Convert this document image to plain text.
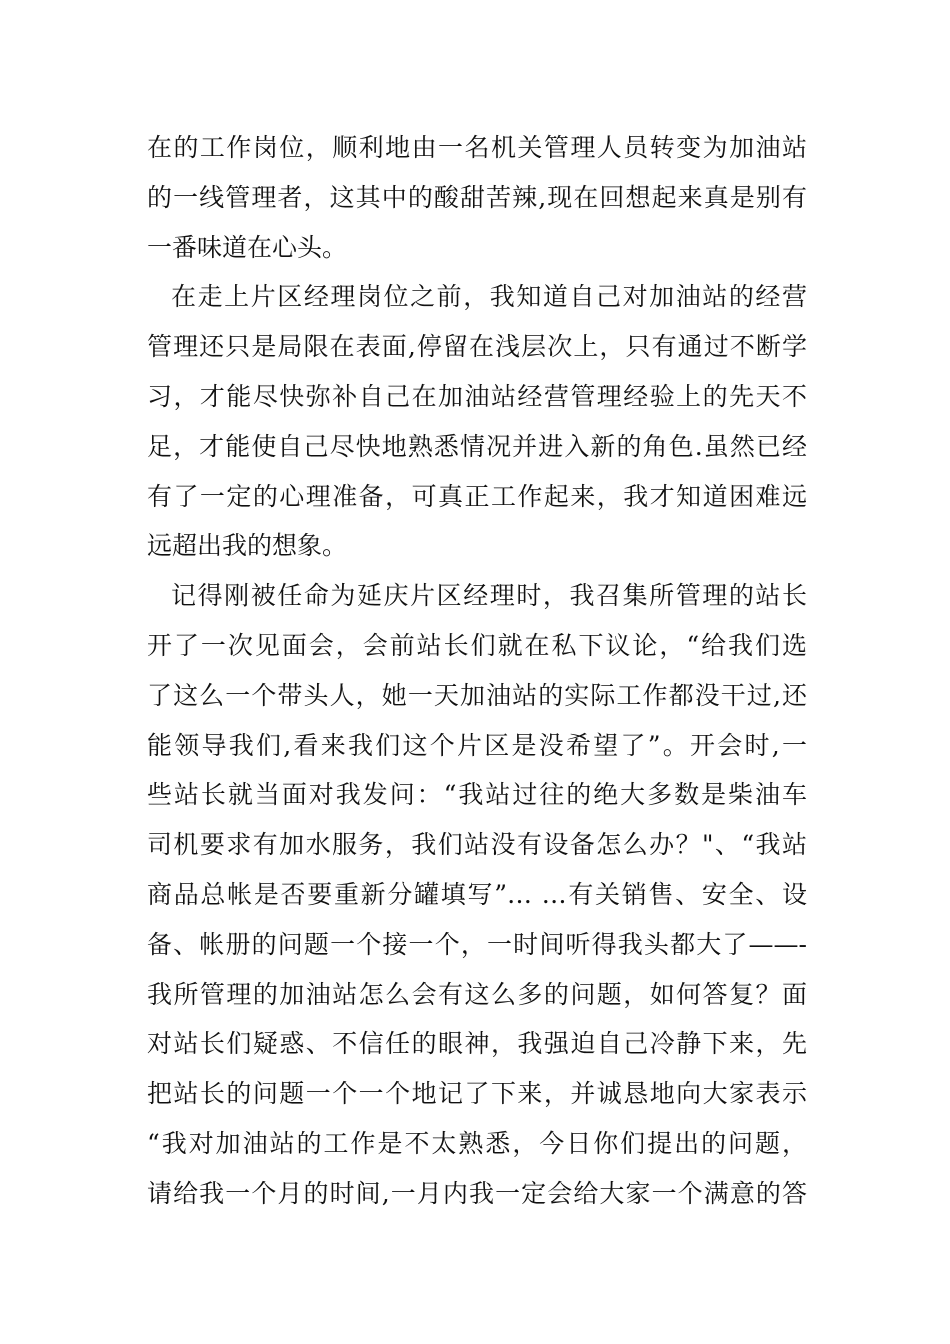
在的工作岗位，顺利地由一名机关管理人员转变为加油站
的一线管理者，这其中的酸甜苦辣,现在回想起来真是别有
一番味道在心头。
在走上片区经理岗位之前，我知道自己对加油站的经营
管理还只是局限在表面,停留在浅层次上，只有通过不断学
习，才能尽快弥补自己在加油站经营管理经验上的先天不
足，才能使自己尽快地熟悉情况并进入新的角色.虽然已经
有了一定的心理准备，可真正工作起来，我才知道困难远
远超出我的想象。
记得刚被任命为延庆片区经理时，我召集所管理的站长
开了一次见面会，会前站长们就在私下议论，“给我们选
了这么一个带头人，她一天加油站的实际工作都没干过,还
能领导我们,看来我们这个片区是没希望了”。开会时,一
些站长就当面对我发问：“我站过往的绝大多数是柴油车
司机要求有加水服务，我们站没有设备怎么办？"、“我站
商品总帐是否要重新分罐填写”… …有关销售、安全、设
备、帐册的问题一个接一个，一时间听得我头都大了——-
我所管理的加油站怎么会有这么多的问题，如何答复？面
对站长们疑惑、不信任的眼神，我强迫自己冷静下来，先
把站长的问题一个一个地记了下来，并诚恳地向大家表示
“我对加油站的工作是不太熟悉，今日你们提出的问题，
请给我一个月的时间,一月内我一定会给大家一个满意的答
